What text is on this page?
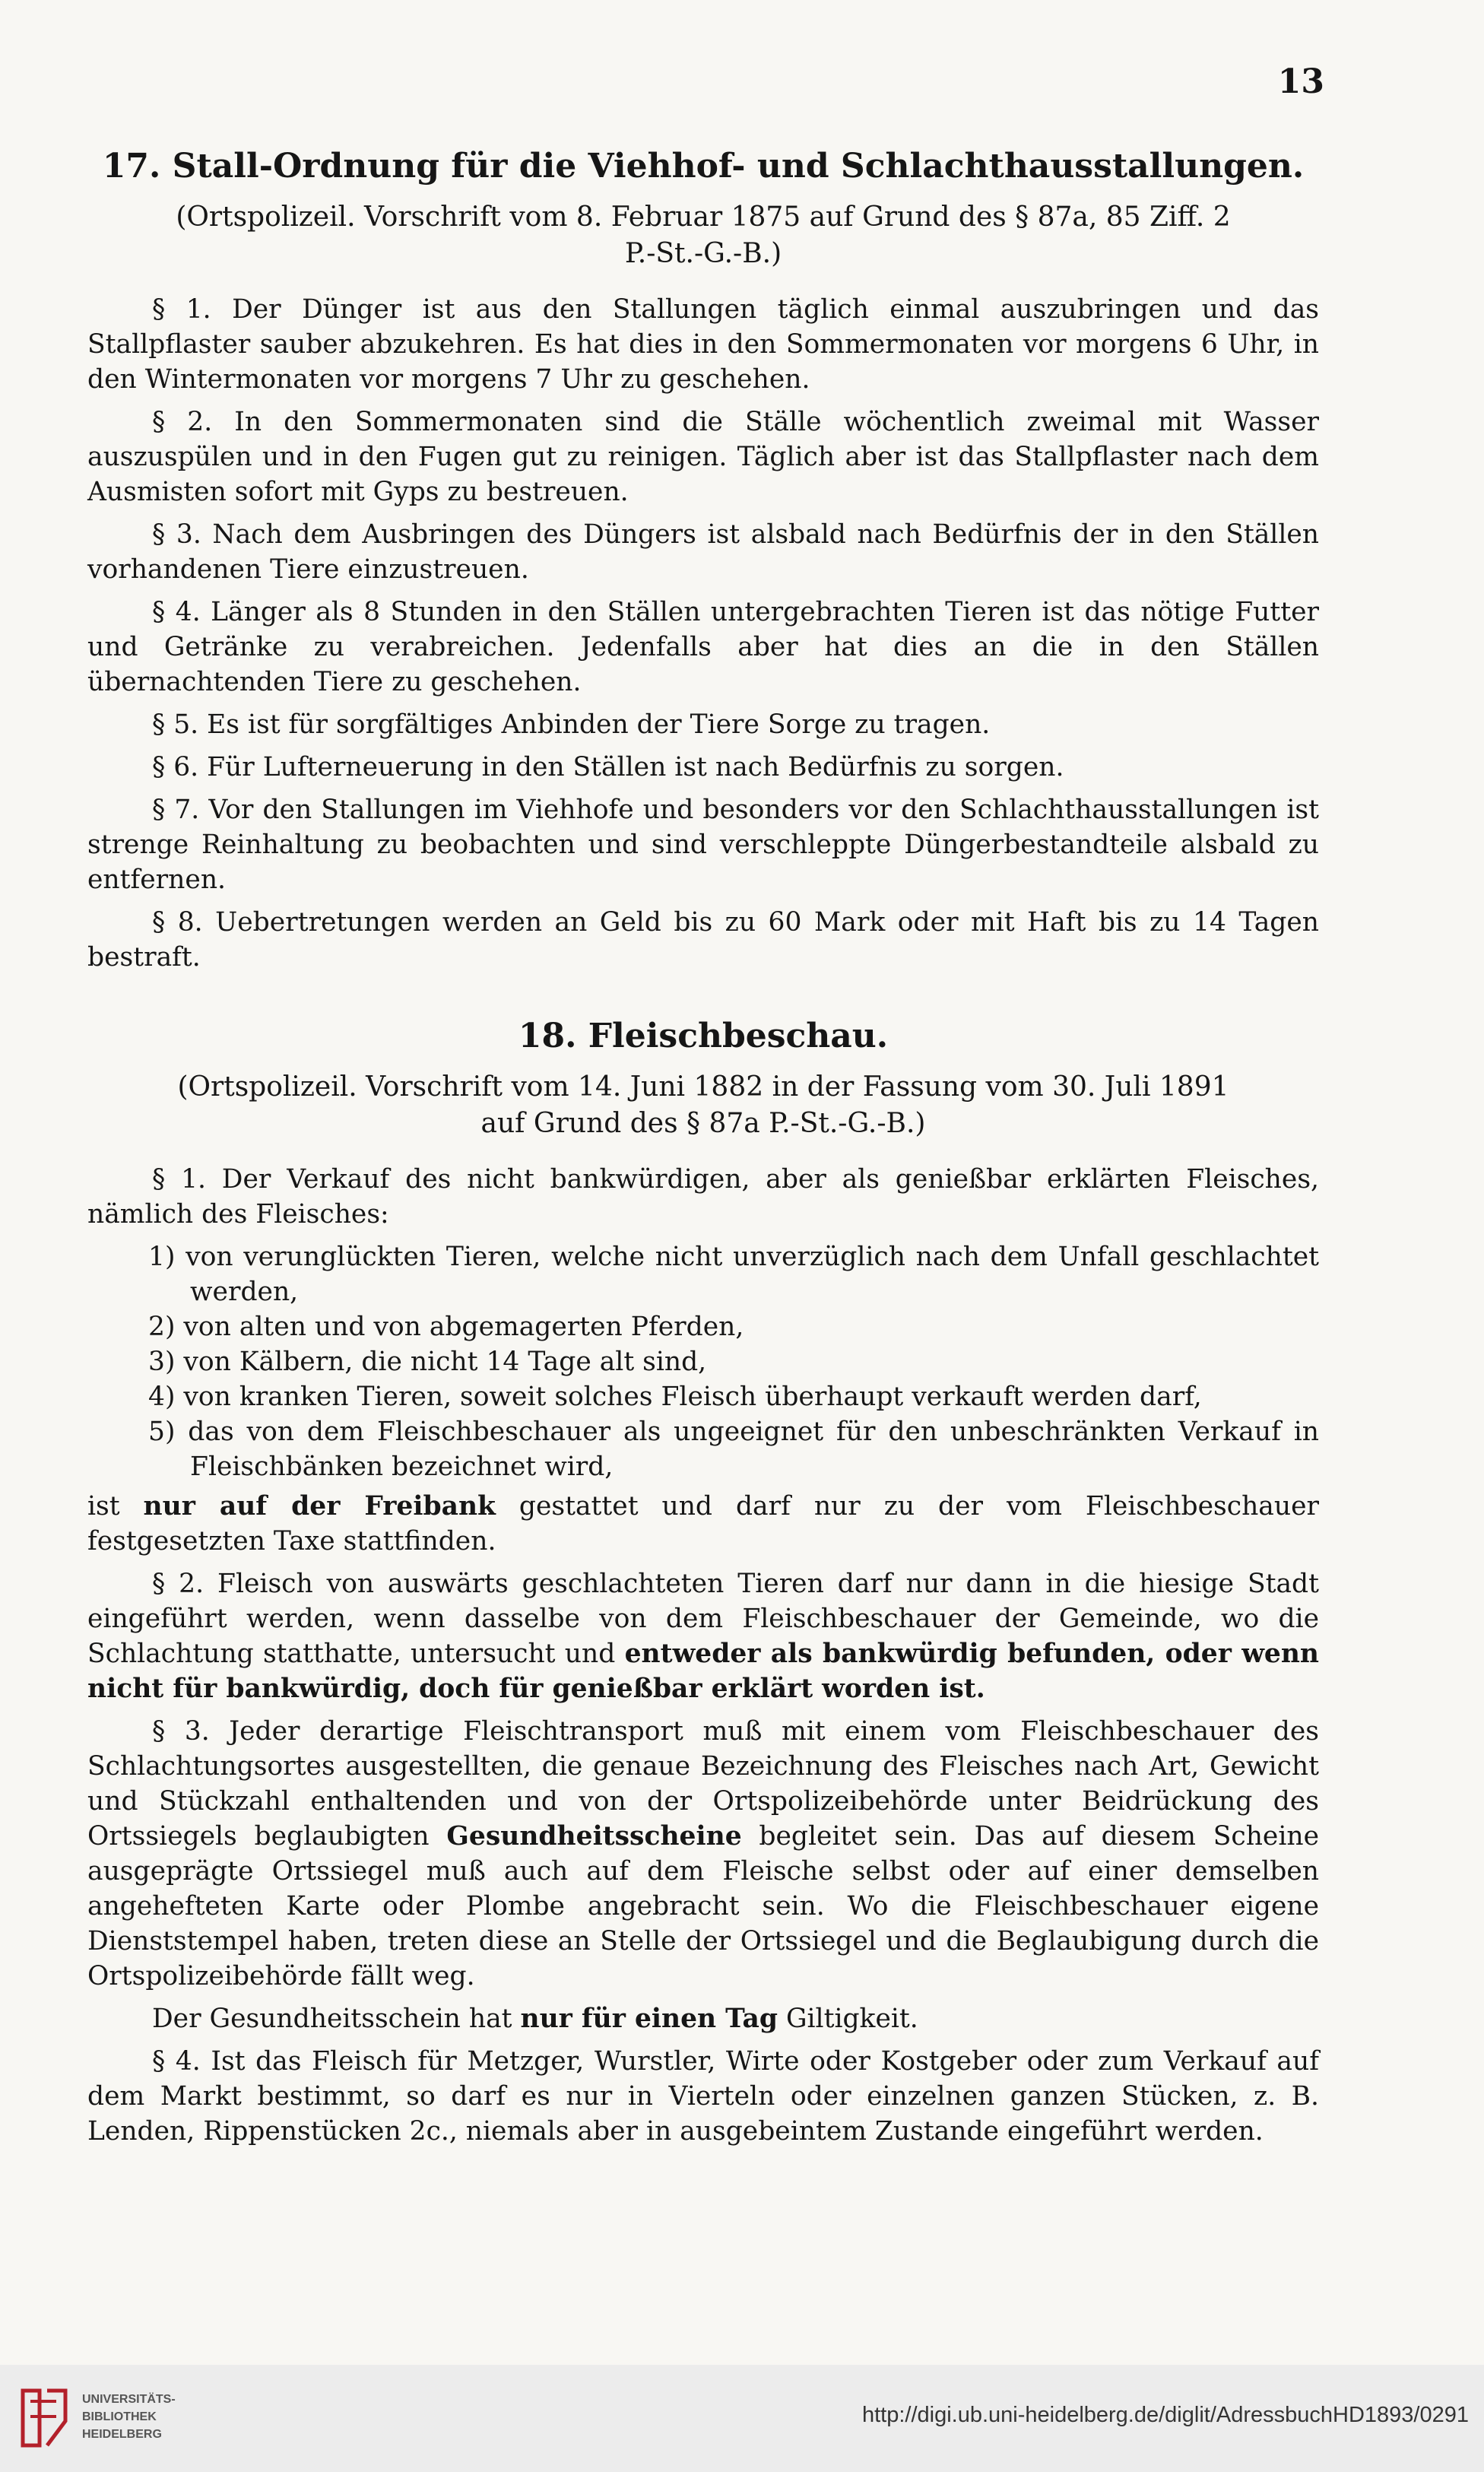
13
17. Stall-Ordnung für die Viehhof- und Schlachthausstallungen.
(Ortspolizeil. Vorschrift vom 8. Februar 1875 auf Grund des § 87a, 85 Ziff. 2
P.-St.-G.-B.)

§ 1. Der Dünger ist aus den Stallungen täglich einmal auszubringen und das Stallpflaster sauber abzukehren. Es hat dies in den Sommermonaten vor morgens 6 Uhr, in den Wintermonaten vor morgens 7 Uhr zu geschehen.

§ 2. In den Sommermonaten sind die Ställe wöchentlich zweimal mit Wasser auszuspülen und in den Fugen gut zu reinigen. Täglich aber ist das Stallpflaster nach dem Ausmisten sofort mit Gyps zu bestreuen.

§ 3. Nach dem Ausbringen des Düngers ist alsbald nach Bedürfnis der in den Ställen vorhandenen Tiere einzustreuen.

§ 4. Länger als 8 Stunden in den Ställen untergebrachten Tieren ist das nötige Futter und Getränke zu verabreichen. Jedenfalls aber hat dies an die in den Ställen übernachtenden Tiere zu geschehen.

§ 5. Es ist für sorgfältiges Anbinden der Tiere Sorge zu tragen.

§ 6. Für Lufterneuerung in den Ställen ist nach Bedürfnis zu sorgen.

§ 7. Vor den Stallungen im Viehhofe und besonders vor den Schlachthausstallungen ist strenge Reinhaltung zu beobachten und sind verschleppte Düngerbestandteile alsbald zu entfernen.

§ 8. Uebertretungen werden an Geld bis zu 60 Mark oder mit Haft bis zu 14 Tagen bestraft.

18. Fleischbeschau.
(Ortspolizeil. Vorschrift vom 14. Juni 1882 in der Fassung vom 30. Juli 1891
auf Grund des § 87a P.-St.-G.-B.)

§ 1. Der Verkauf des nicht bankwürdigen, aber als genießbar erklärten Fleisches, nämlich des Fleisches:

1) von verunglückten Tieren, welche nicht unverzüglich nach dem Unfall geschlachtet werden,
2) von alten und von abgemagerten Pferden,
3) von Kälbern, die nicht 14 Tage alt sind,
4) von kranken Tieren, soweit solches Fleisch überhaupt verkauft werden darf,
5) das von dem Fleischbeschauer als ungeeignet für den unbeschränkten Verkauf in Fleischbänken bezeichnet wird,

ist nur auf der Freibank gestattet und darf nur zu der vom Fleischbeschauer festgesetzten Taxe stattfinden.

§ 2. Fleisch von auswärts geschlachteten Tieren darf nur dann in die hiesige Stadt eingeführt werden, wenn dasselbe von dem Fleischbeschauer der Gemeinde, wo die Schlachtung statthatte, untersucht und entweder als bankwürdig befunden, oder wenn nicht für bankwürdig, doch für genießbar erklärt worden ist.

§ 3. Jeder derartige Fleischtransport muß mit einem vom Fleischbeschauer des Schlachtungsortes ausgestellten, die genaue Bezeichnung des Fleisches nach Art, Gewicht und Stückzahl enthaltenden und von der Ortspolizeibehörde unter Beidrückung des Ortssiegels beglaubigten Gesundheitsscheine begleitet sein. Das auf diesem Scheine ausgeprägte Ortssiegel muß auch auf dem Fleische selbst oder auf einer demselben angehefteten Karte oder Plombe angebracht sein. Wo die Fleischbeschauer eigene Dienststempel haben, treten diese an Stelle der Ortssiegel und die Beglaubigung durch die Ortspolizeibehörde fällt weg.

Der Gesundheitsschein hat nur für einen Tag Giltigkeit.

§ 4. Ist das Fleisch für Metzger, Wurstler, Wirte oder Kostgeber oder zum Verkauf auf dem Markt bestimmt, so darf es nur in Vierteln oder einzelnen ganzen Stücken, z. B. Lenden, Rippenstücken 2c., niemals aber in ausgebeintem Zustande eingeführt werden.

UNIVERSITÄTS-
BIBLIOTHEK
HEIDELBERG
http://digi.ub.uni-heidelberg.de/diglit/AdressbuchHD1893/0291
